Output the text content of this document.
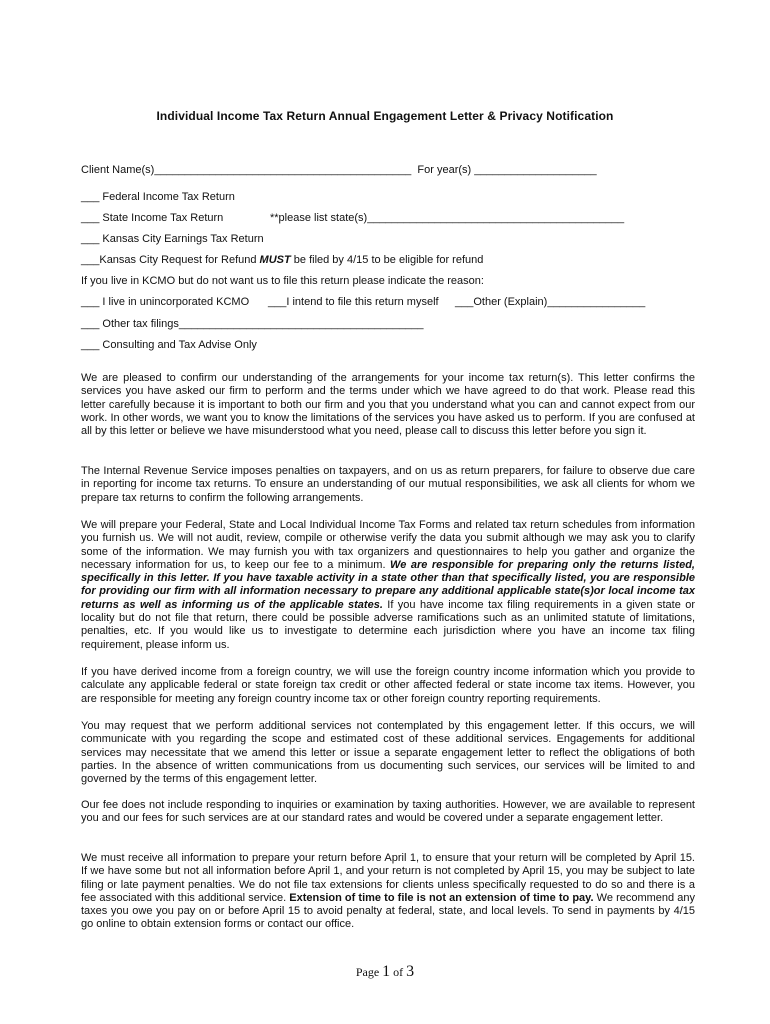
Individual Income Tax Return Annual Engagement Letter & Privacy Notification
Client Name(s)__________________________________________  For year(s) ____________________
___ Federal Income Tax Return
___ State Income Tax Return	**please list state(s)__________________________________________
___ Kansas City Earnings Tax Return
___Kansas City Request for Refund MUST be filed by 4/15 to be eligible for refund
If you live in KCMO but do not want us to file this return please indicate the reason:
___ I live in unincorporated KCMO ___I intend to file this return myself ___Other (Explain)________________
___ Other tax filings________________________________________
___ Consulting and Tax Advise Only

We are pleased to confirm our understanding of the arrangements for your income tax return(s). This letter confirms the services you have asked our firm to perform and the terms under which we have agreed to do that work. Please read this letter carefully because it is important to both our firm and you that you understand what you can and cannot expect from our work. In other words, we want you to know the limitations of the services you have asked us to perform. If you are confused at all by this letter or believe we have misunderstood what you need, please call to discuss this letter before you sign it.

The Internal Revenue Service imposes penalties on taxpayers, and on us as return preparers, for failure to observe due care in reporting for income tax returns. To ensure an understanding of our mutual responsibilities, we ask all clients for whom we prepare tax returns to confirm the following arrangements.

We will prepare your Federal, State and Local Individual Income Tax Forms and related tax return schedules from information you furnish us. We will not audit, review, compile or otherwise verify the data you submit although we may ask you to clarify some of the information. We may furnish you with tax organizers and questionnaires to help you gather and organize the necessary information for us, to keep our fee to a minimum. We are responsible for preparing only the returns listed, specifically in this letter. If you have taxable activity in a state other than that specifically listed, you are responsible for providing our firm with all information necessary to prepare any additional applicable state(s)or local income tax returns as well as informing us of the applicable states. If you have income tax filing requirements in a given state or locality but do not file that return, there could be possible adverse ramifications such as an unlimited statute of limitations, penalties, etc. If you would like us to investigate to determine each jurisdiction where you have an income tax filing requirement, please inform us.

If you have derived income from a foreign country, we will use the foreign country income information which you provide to calculate any applicable federal or state foreign tax credit or other affected federal or state income tax items. However, you are responsible for meeting any foreign country income tax or other foreign country reporting requirements.

You may request that we perform additional services not contemplated by this engagement letter. If this occurs, we will communicate with you regarding the scope and estimated cost of these additional services. Engagements for additional services may necessitate that we amend this letter or issue a separate engagement letter to reflect the obligations of both parties. In the absence of written communications from us documenting such services, our services will be limited to and governed by the terms of this engagement letter.

Our fee does not include responding to inquiries or examination by taxing authorities. However, we are available to represent you and our fees for such services are at our standard rates and would be covered under a separate engagement letter.

We must receive all information to prepare your return before April 1, to ensure that your return will be completed by April 15. If we have some but not all information before April 1, and your return is not completed by April 15, you may be subject to late filing or late payment penalties. We do not file tax extensions for clients unless specifically requested to do so and there is a fee associated with this additional service. Extension of time to file is not an extension of time to pay. We recommend any taxes you owe you pay on or before April 15 to avoid penalty at federal, state, and local levels. To send in payments by 4/15 go online to obtain extension forms or contact our office.

Page 1 of 3
